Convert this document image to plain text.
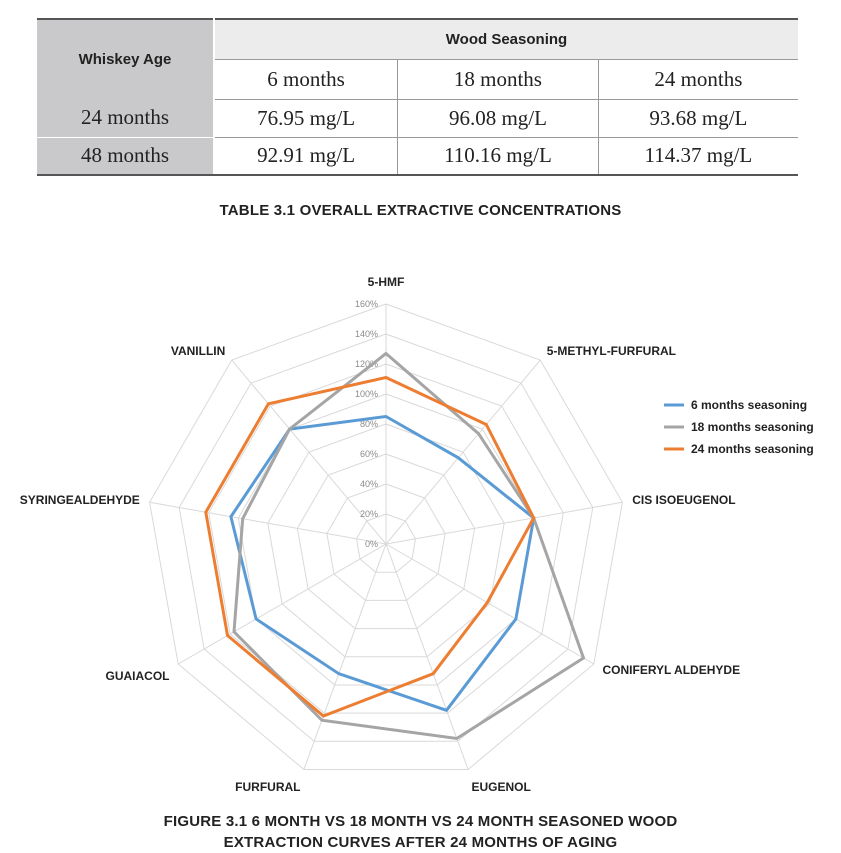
Whiskey Age	Wood Seasoning		
	6 months	18 months	24 months
24 months	76.95 mg/L	96.08 mg/L	93.68 mg/L
48 months	92.91 mg/L	110.16 mg/L	114.37 mg/L
TABLE 3.1 OVERALL EXTRACTIVE CONCENTRATIONS
0%
20%
40%
60%
80%
100%
120%
140%
160%
5-HMF
5-METHYL-FURFURAL
CIS ISOEUGENOL
CONIFERYL ALDEHYDE
EUGENOL
FURFURAL
GUAIACOL
SYRINGEALDEHYDE
VANILLIN
6 months seasoning
18 months seasoning
24 months seasoning
FIGURE 3.1 6 MONTH VS 18 MONTH VS 24 MONTH SEASONED WOOD
EXTRACTION CURVES AFTER 24 MONTHS OF AGING
